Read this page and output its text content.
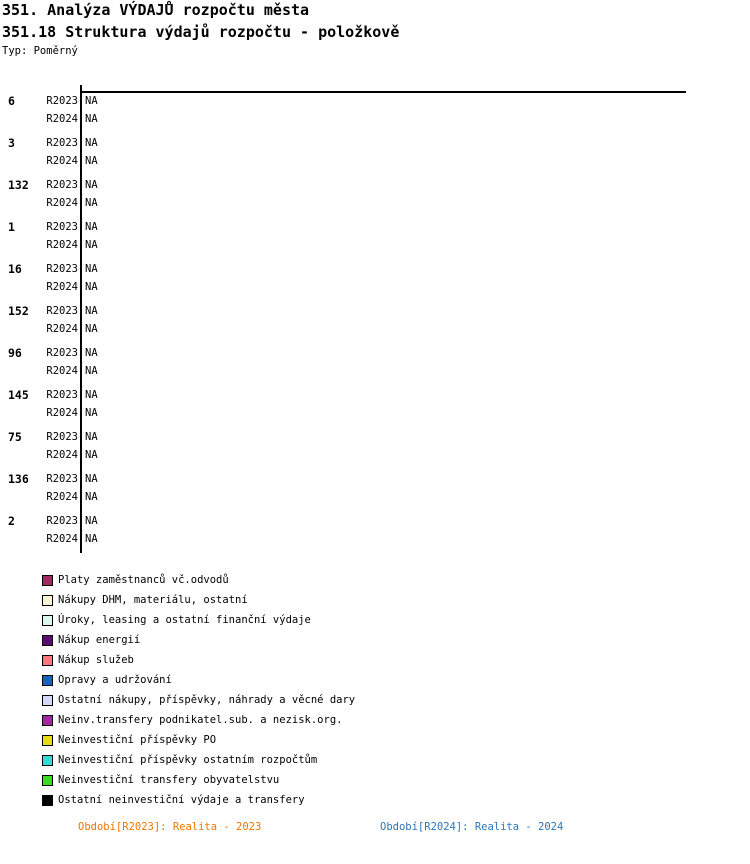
351. Analýza VÝDAJŮ rozpočtu města
351.18 Struktura výdajů rozpočtu - položkově
Typ: Poměrný
6	R2023 NA
R2024 NA
3	R2023 NA
R2024 NA
132	R2023 NA
R2024 NA
1	R2023 NA
R2024 NA
16	R2023 NA
R2024 NA
152	R2023 NA
R2024 NA
96	R2023 NA
R2024 NA
145	R2023 NA
R2024 NA
75	R2023 NA
R2024 NA
136	R2023 NA
R2024 NA
2	R2023 NA
R2024 NA
Platy zaměstnanců vč.odvodů
Nákupy DHM, materiálu, ostatní
Úroky, leasing a ostatní finanční výdaje
Nákup energií
Nákup služeb
Opravy a udržování
Ostatní nákupy, příspěvky, náhrady a věcné dary
Neinv.transfery podnikatel.sub. a nezisk.org.
Neinvestiční příspěvky PO
Neinvestiční příspěvky ostatním rozpočtům
Neinvestiční transfery obyvatelstvu
Ostatní neinvestiční výdaje a transfery
Období[R2023]: Realita - 2023	Období[R2024]: Realita - 2024
